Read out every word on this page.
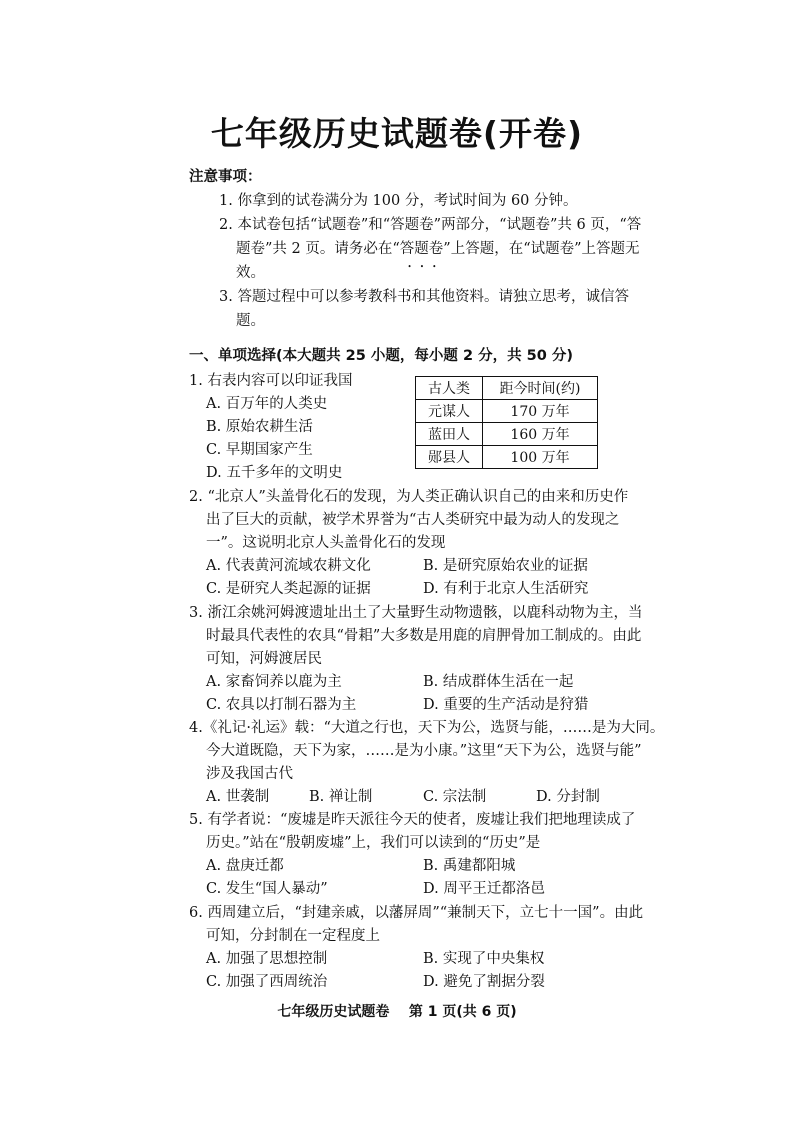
七年级历史试题卷(开卷)
注意事项：
1. 你拿到的试卷满分为 100 分，考试时间为 60 分钟。
2. 本试卷包括“试题卷”和“答题卷”两部分，“试题卷”共 6 页，“答
题卷”共 2 页。请务必在“答题卷 • • •”上答题，在“试题卷”上答题无
效。
3. 答题过程中可以参考教科书和其他资料。请独立思考，诚信答
题。
一、单项选择(本大题共 25 小题，每小题 2 分，共 50 分)
1. 右表内容可以印证我国
A. 百万年的人类史
B. 原始农耕生活
C. 早期国家产生
D. 五千多年的文明史
古人类	距今时间(约)
元谋人	170 万年
蓝田人	160 万年
郧县人	100 万年
2. “北京人”头盖骨化石的发现，为人类正确认识自己的由来和历史作
出了巨大的贡献，被学术界誉为“古人类研究中最为动人的发现之
一”。这说明北京人头盖骨化石的发现
A. 代表黄河流域农耕文化	B. 是研究原始农业的证据
C. 是研究人类起源的证据	D. 有利于北京人生活研究
3. 浙江余姚河姆渡遗址出土了大量野生动物遗骸，以鹿科动物为主，当
时最具代表性的农具“骨耜”大多数是用鹿的肩胛骨加工制成的。由此
可知，河姆渡居民
A. 家畜饲养以鹿为主	B. 结成群体生活在一起
C. 农具以打制石器为主	D. 重要的生产活动是狩猎
4.《礼记·礼运》载：“大道之行也，天下为公，选贤与能，……是为大同。
今大道既隐，天下为家，……是为小康。”这里“天下为公，选贤与能”
涉及我国古代
A. 世袭制	B. 禅让制	C. 宗法制	D. 分封制
5. 有学者说：“废墟是昨天派往今天的使者，废墟让我们把地理读成了
历史。”站在“殷朝废墟”上，我们可以读到的“历史”是
A. 盘庚迁都	B. 禹建都阳城
C. 发生“国人暴动”	D. 周平王迁都洛邑
6. 西周建立后，“封建亲戚，以藩屏周”“兼制天下，立七十一国”。由此
可知，分封制在一定程度上
A. 加强了思想控制	B. 实现了中央集权
C. 加强了西周统治	D. 避免了割据分裂
七年级历史试题卷    第 1 页(共 6 页)
